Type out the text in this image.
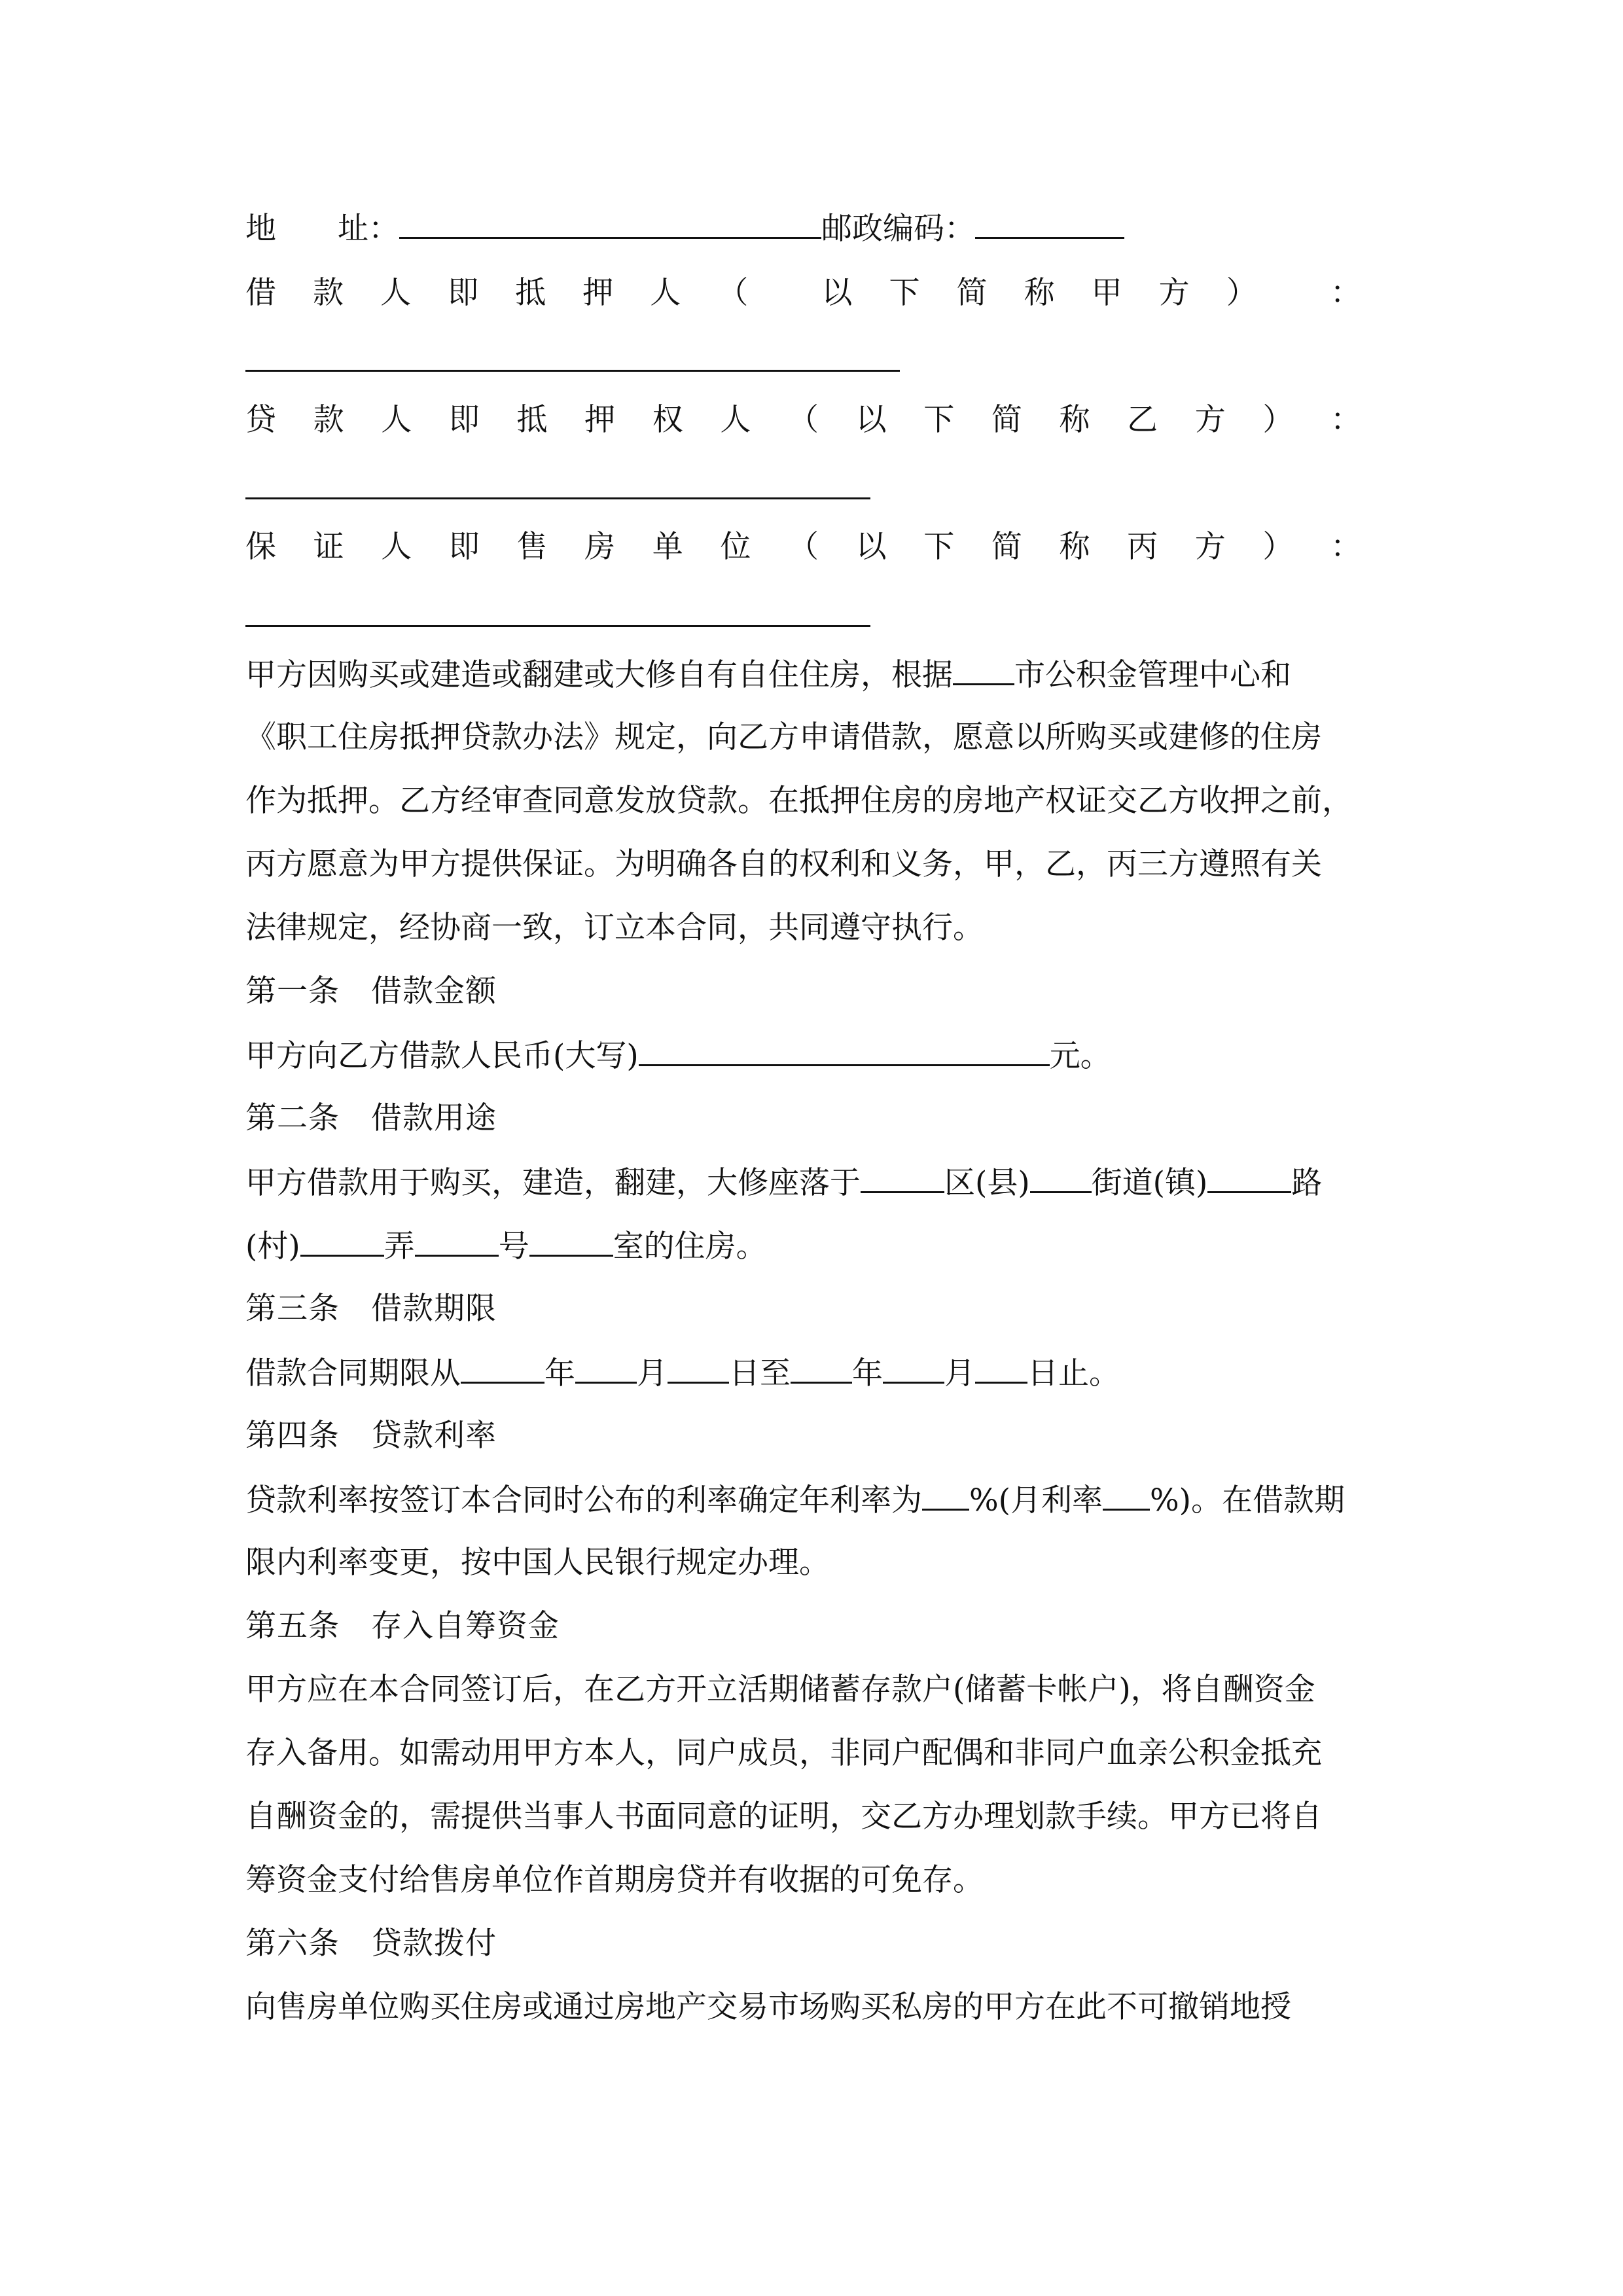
地　　址：	邮政编码：
借 款 人 即 抵 押 人 （ 以 下 简 称 甲 方 ） ：
贷 款 人 即 抵 押 权 人 （ 以 下 简 称 乙 方 ） ：
保 证 人 即 售 房 单 位 （ 以 下 简 称 丙 方 ） ：
甲方因购买或建造或翻建或大修自有自住住房，根据 市公积金管理中心和
《职工住房抵押贷款办法》规定，向乙方申请借款，愿意以所购买或建修的住房
作为抵押。乙方经审查同意发放贷款。在抵押住房的房地产权证交乙方收押之前，
丙方愿意为甲方提供保证。为明确各自的权利和义务，甲，乙，丙三方遵照有关
法律规定，经协商一致，订立本合同，共同遵守执行。
第一条　借款金额
甲方向乙方借款人民币(大写)	元。
第二条　借款用途
甲方借款用于购买，建造，翻建，大修座落于	区(县) 街道(镇)	路
(村)	弄	号	室的住房。
第三条　借款期限
借款合同期限从	年 月 日至 年 月 日止。
第四条　贷款利率
贷款利率按签订本合同时公布的利率确定年利率为 %(月利率 %)。在借款期
限内利率变更，按中国人民银行规定办理。
第五条　存入自筹资金
甲方应在本合同签订后，在乙方开立活期储蓄存款户(储蓄卡帐户)，将自酬资金
存入备用。如需动用甲方本人，同户成员，非同户配偶和非同户血亲公积金抵充
自酬资金的，需提供当事人书面同意的证明，交乙方办理划款手续。甲方已将自
筹资金支付给售房单位作首期房贷并有收据的可免存。
第六条　贷款拨付
向售房单位购买住房或通过房地产交易市场购买私房的甲方在此不可撤销地授
